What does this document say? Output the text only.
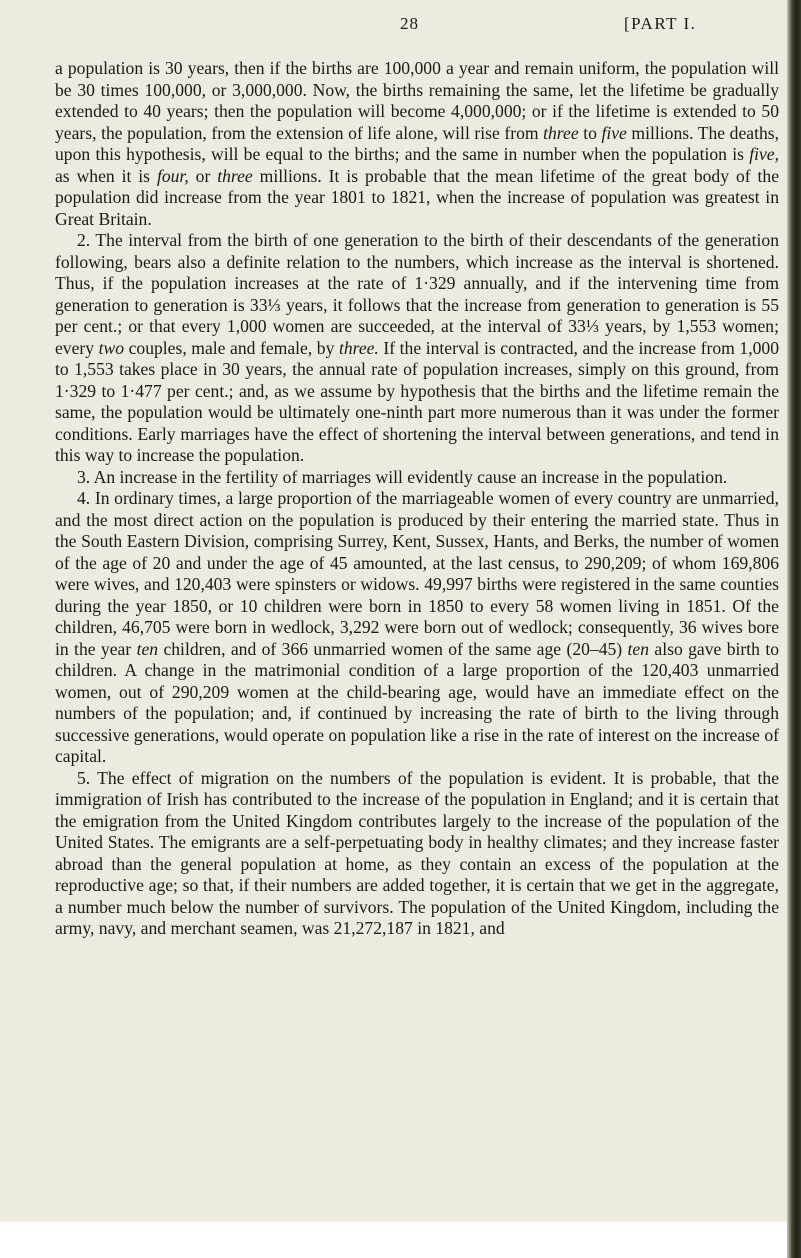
28	[PART I.

a population is 30 years, then if the births are 100,000 a year and remain uniform, the population will be 30 times 100,000, or 3,000,000. Now, the births remaining the same, let the lifetime be gradually extended to 40 years; then the population will become 4,000,000; or if the lifetime is extended to 50 years, the population, from the extension of life alone, will rise from three to five millions. The deaths, upon this hypothesis, will be equal to the births; and the same in number when the population is five, as when it is four, or three millions. It is probable that the mean lifetime of the great body of the population did increase from the year 1801 to 1821, when the increase of population was greatest in Great Britain.

2. The interval from the birth of one generation to the birth of their descendants of the generation following, bears also a definite relation to the numbers, which increase as the interval is shortened. Thus, if the population increases at the rate of 1·329 annually, and if the intervening time from generation to generation is 33⅓ years, it follows that the increase from generation to generation is 55 per cent.; or that every 1,000 women are succeeded, at the interval of 33⅓ years, by 1,553 women; every two couples, male and female, by three. If the interval is contracted, and the increase from 1,000 to 1,553 takes place in 30 years, the annual rate of population increases, simply on this ground, from 1·329 to 1·477 per cent.; and, as we assume by hypothesis that the births and the lifetime remain the same, the population would be ultimately one-ninth part more numerous than it was under the former conditions. Early marriages have the effect of shortening the interval between generations, and tend in this way to increase the population.

3. An increase in the fertility of marriages will evidently cause an increase in the population.

4. In ordinary times, a large proportion of the marriageable women of every country are unmarried, and the most direct action on the population is produced by their entering the married state. Thus in the South Eastern Division, comprising Surrey, Kent, Sussex, Hants, and Berks, the number of women of the age of 20 and under the age of 45 amounted, at the last census, to 290,209; of whom 169,806 were wives, and 120,403 were spinsters or widows. 49,997 births were registered in the same counties during the year 1850, or 10 children were born in 1850 to every 58 women living in 1851. Of the children, 46,705 were born in wedlock, 3,292 were born out of wedlock; consequently, 36 wives bore in the year ten children, and of 366 unmarried women of the same age (20–45) ten also gave birth to children. A change in the matrimonial condition of a large proportion of the 120,403 unmarried women, out of 290,209 women at the child-bearing age, would have an immediate effect on the numbers of the population; and, if continued by increasing the rate of birth to the living through successive generations, would operate on population like a rise in the rate of interest on the increase of capital.

5. The effect of migration on the numbers of the population is evident. It is probable, that the immigration of Irish has contributed to the increase of the population in England; and it is certain that the emigration from the United Kingdom contributes largely to the increase of the population of the United States. The emigrants are a self-perpetuating body in healthy climates; and they increase faster abroad than the general population at home, as they contain an excess of the population at the reproductive age; so that, if their numbers are added together, it is certain that we get in the aggregate, a number much below the number of survivors. The population of the United Kingdom, including the army, navy, and merchant seamen, was 21,272,187 in 1821, and
